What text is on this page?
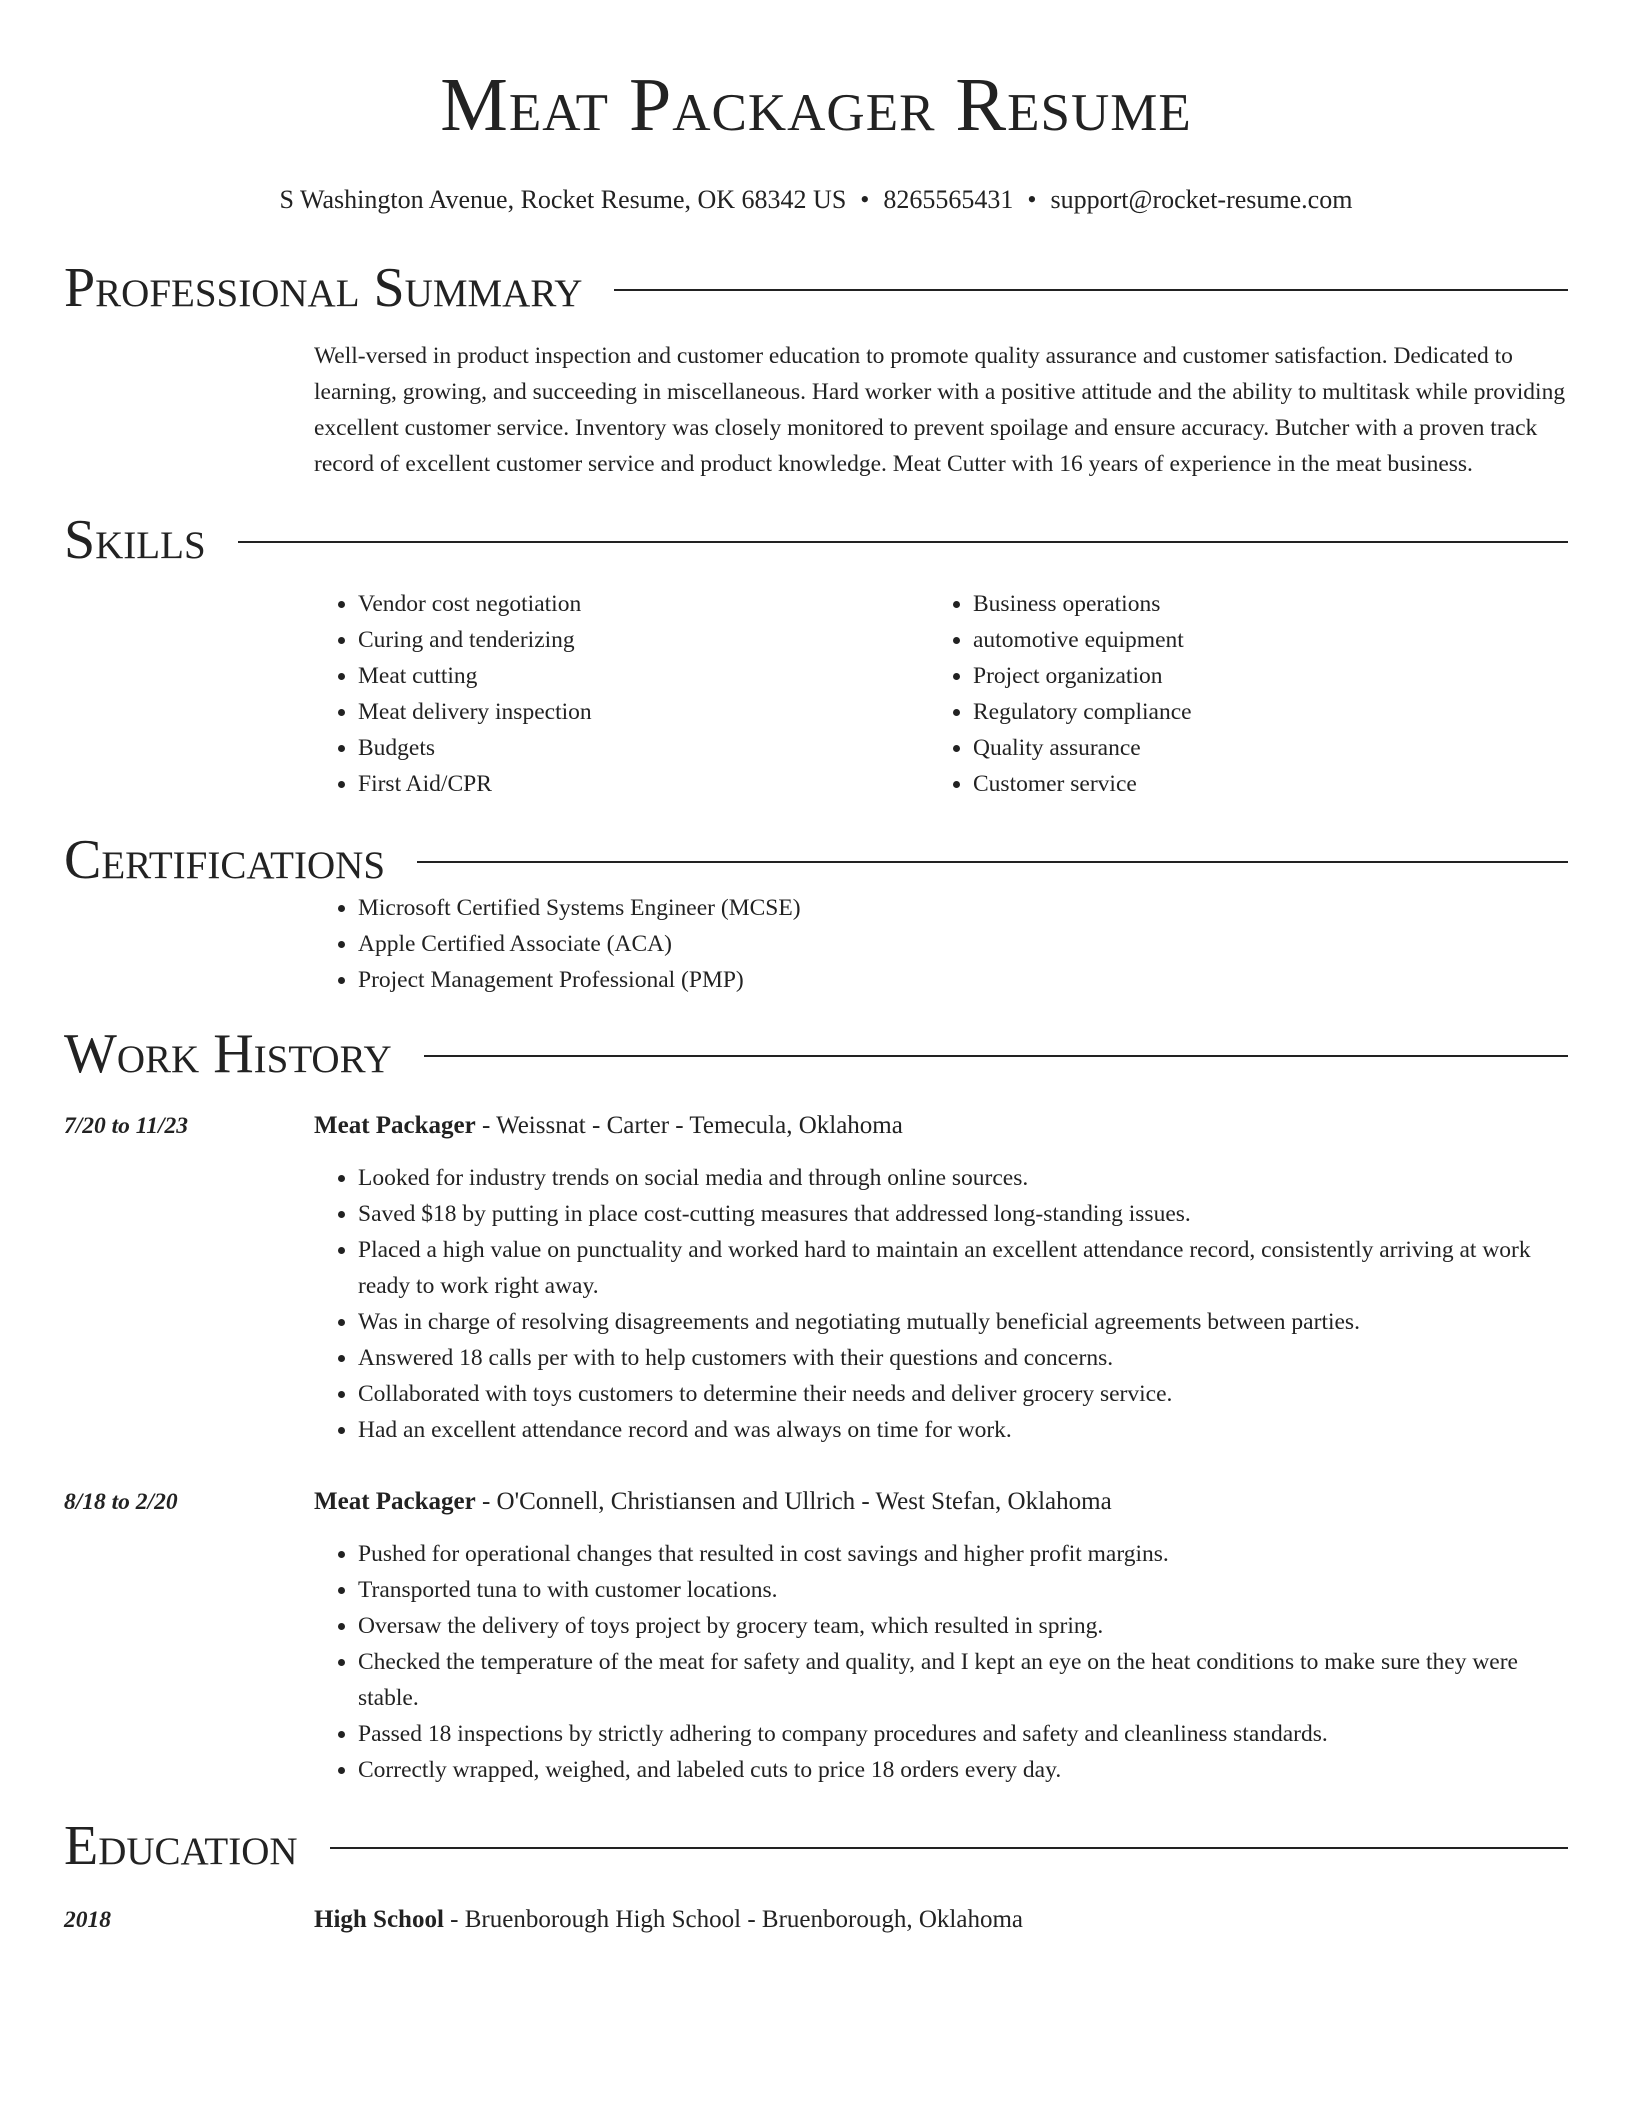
Meat Packager Resume
S Washington Avenue, Rocket Resume, OK 68342 US • 8265565431 • support@rocket-resume.com
Professional Summary

Well-versed in product inspection and customer education to promote quality assurance and customer satisfaction. Dedicated to learning, growing, and succeeding in miscellaneous. Hard worker with a positive attitude and the ability to multitask while providing excellent customer service. Inventory was closely monitored to prevent spoilage and ensure accuracy. Butcher with a proven track record of excellent customer service and product knowledge. Meat Cutter with 16 years of experience in the meat business.

Skills
• Vendor cost negotiation
• Curing and tenderizing
• Meat cutting
• Meat delivery inspection
• Budgets
• First Aid/CPR
• Business operations
• automotive equipment
• Project organization
• Regulatory compliance
• Quality assurance
• Customer service
Certifications
• Microsoft Certified Systems Engineer (MCSE)
• Apple Certified Associate (ACA)
• Project Management Professional (PMP)
Work History
7/20 to 11/23	Meat Packager - Weissnat - Carter - Temecula, Oklahoma
• Looked for industry trends on social media and through online sources.
• Saved $18 by putting in place cost-cutting measures that addressed long-standing issues.
• Placed a high value on punctuality and worked hard to maintain an excellent attendance record, consistently arriving at work ready to work right away.
• Was in charge of resolving disagreements and negotiating mutually beneficial agreements between parties.
• Answered 18 calls per with to help customers with their questions and concerns.
• Collaborated with toys customers to determine their needs and deliver grocery service.
• Had an excellent attendance record and was always on time for work.
8/18 to 2/20	Meat Packager - O'Connell, Christiansen and Ullrich - West Stefan, Oklahoma
• Pushed for operational changes that resulted in cost savings and higher profit margins.
• Transported tuna to with customer locations.
• Oversaw the delivery of toys project by grocery team, which resulted in spring.
• Checked the temperature of the meat for safety and quality, and I kept an eye on the heat conditions to make sure they were stable.
• Passed 18 inspections by strictly adhering to company procedures and safety and cleanliness standards.
• Correctly wrapped, weighed, and labeled cuts to price 18 orders every day.
Education
2018	High School - Bruenborough High School - Bruenborough, Oklahoma
